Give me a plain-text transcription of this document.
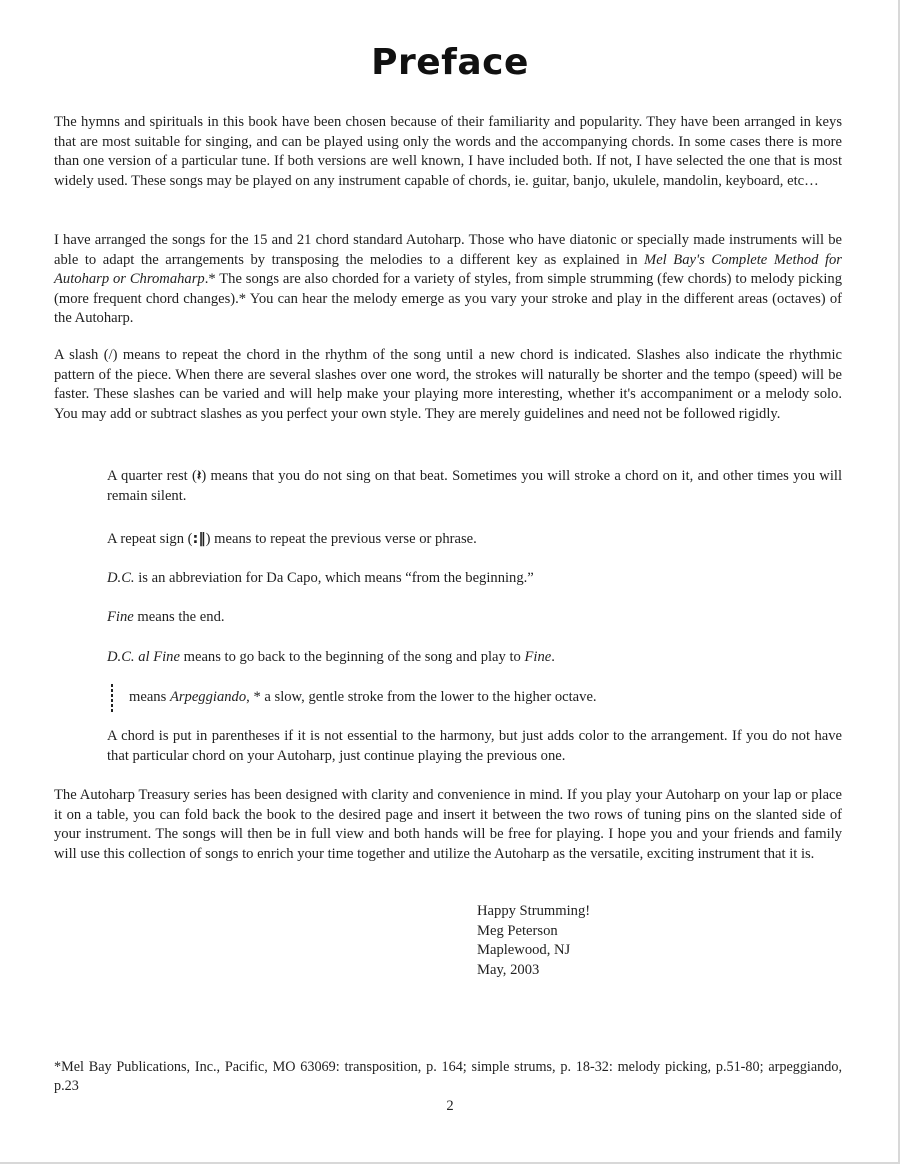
Preface

The hymns and spirituals in this book have been chosen because of their familiarity and popularity. They have been arranged in keys that are most suitable for singing, and can be played using only the words and the accompanying chords. In some cases there is more than one version of a particular tune. If both versions are well known, I have included both. If not, I have selected the one that is most widely used. These songs may be played on any instrument capable of chords, ie. guitar, banjo, ukulele, mandolin, keyboard, etc…

I have arranged the songs for the 15 and 21 chord standard Autoharp. Those who have diatonic or specially made instruments will be able to adapt the arrangements by transposing the melodies to a different key as explained in Mel Bay's Complete Method for Autoharp or Chromaharp.* The songs are also chorded for a variety of styles, from simple strumming (few chords) to melody picking (more frequent chord changes).* You can hear the melody emerge as you vary your stroke and play in the different areas (octaves) of the Autoharp.

A slash (/) means to repeat the chord in the rhythm of the song until a new chord is indicated. Slashes also indicate the rhythmic pattern of the piece. When there are several slashes over one word, the strokes will naturally be shorter and the tempo (speed) will be faster. These slashes can be varied and will help make your playing more interesting, whether it's accompaniment or a melody solo. You may add or subtract slashes as you perfect your own style. They are merely guidelines and need not be followed rigidly.

A quarter rest (𝄽) means that you do not sing on that beat. Sometimes you will stroke a chord on it, and other times you will remain silent.

A repeat sign (:‖) means to repeat the previous verse or phrase.

D.C. is an abbreviation for Da Capo, which means “from the beginning.”

Fine means the end.

D.C. al Fine means to go back to the beginning of the song and play to Fine.

means Arpeggiando, * a slow, gentle stroke from the lower to the higher octave.

A chord is put in parentheses if it is not essential to the harmony, but just adds color to the arrangement. If you do not have that particular chord on your Autoharp, just continue playing the previous one.

The Autoharp Treasury series has been designed with clarity and convenience in mind. If you play your Autoharp on your lap or place it on a table, you can fold back the book to the desired page and insert it between the two rows of tuning pins on the slanted side of your instrument. The songs will then be in full view and both hands will be free for playing. I hope you and your friends and family will use this collection of songs to enrich your time together and utilize the Autoharp as the versatile, exciting instrument that it is.

Happy Strumming!
Meg Peterson
Maplewood, NJ
May, 2003
*Mel Bay Publications, Inc., Pacific, MO 63069: transposition, p. 164; simple strums, p. 18-32: melody picking, p.51-80; arpeggiando, p.23
2
